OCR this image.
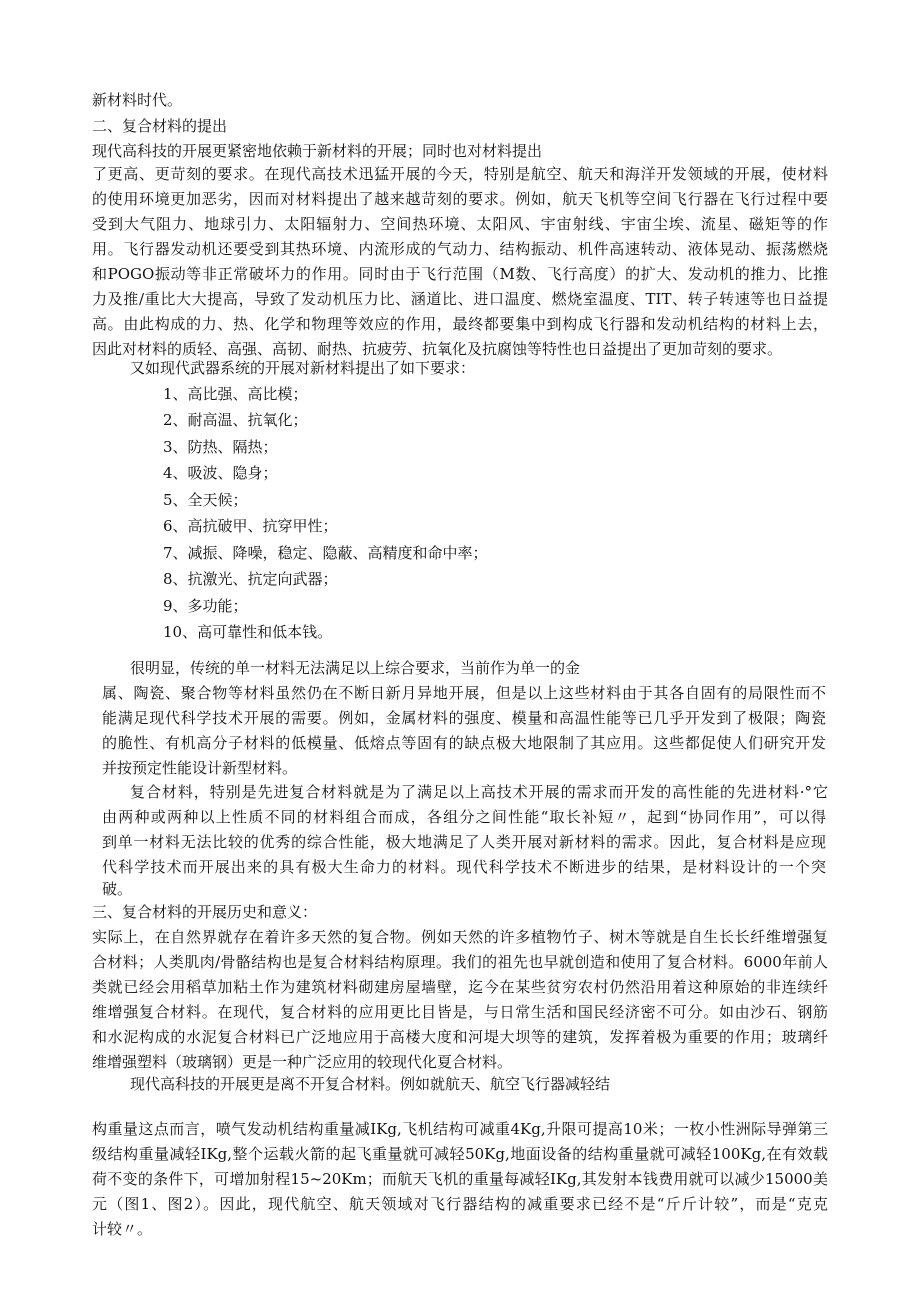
新材料时代。

二、复合材料的提出

现代高科技的开展更紧密地依赖于新材料的开展；同时也对材料提出

了更高、更苛刻的要求。在现代高技术迅猛开展的今天，特别是航空、航天和海洋开发领域的开展，使材料

的使用环境更加恶劣，因而对材料提出了越来越苛刻的要求。例如，航天飞机等空间飞行器在飞行过程中要

受到大气阻力、地球引力、太阳辐射力、空间热环境、太阳风、宇宙射线、宇宙尘埃、流星、磁矩等的作

用。飞行器发动机还要受到其热环境、内流形成的气动力、结构振动、机件高速转动、液体晃动、振荡燃烧

和POGO振动等非正常破坏力的作用。同时由于飞行范围（M数、飞行高度）的扩大、发动机的推力、比推

力及推/重比大大提高，导致了发动机压力比、涵道比、进口温度、燃烧室温度、TIT、转子转速等也日益提

高。由此构成的力、热、化学和物理等效应的作用，最终都要集中到构成飞行器和发动机结构的材料上去，

因此对材料的质轻、高强、高韧、耐热、抗疲劳、抗氧化及抗腐蚀等特性也日益提出了更加苛刻的要求。

又如现代武器系统的开展对新材料提出了如下要求：

1、高比强、高比模；

2、耐高温、抗氧化；

3、防热、隔热；

4、吸波、隐身；

5、全天候；

6、高抗破甲、抗穿甲性；

7、减振、降噪，稳定、隐蔽、高精度和命中率；

8、抗激光、抗定向武器；

9、多功能；

10、高可靠性和低本钱。

很明显，传统的单一材料无法满足以上综合要求，当前作为单一的金

属、陶瓷、聚合物等材料虽然仍在不断日新月异地开展，但是以上这些材料由于其各自固有的局限性而不

能满足现代科学技术开展的需要。例如，金属材料的强度、模量和高温性能等已几乎开发到了极限；陶瓷

的脆性、有机高分子材料的低模量、低熔点等固有的缺点极大地限制了其应用。这些都促使人们研究开发

并按预定性能设计新型材料。

复合材料，特别是先进复合材料就是为了满足以上高技术开展的需求而开发的高性能的先进材料·°它

由两种或两种以上性质不同的材料组合而成，各组分之间性能“取长补短〃，起到“协同作用”，可以得

到单一材料无法比较的优秀的综合性能，极大地满足了人类开展对新材料的需求。因此，复合材料是应现

代科学技术而开展出来的具有极大生命力的材料。现代科学技术不断进步的结果，是材料设计的一个突

破。

三、复合材料的开展历史和意义：

实际上，在自然界就存在着许多天然的复合物。例如天然的许多植物竹子、树木等就是自生长长纤维增强复

合材料；人类肌肉/骨骼结构也是复合材料结构原理。我们的祖先也早就创造和使用了复合材料。6000年前人

类就已经会用稻草加粘土作为建筑材料砌建房屋墙壁，迄今在某些贫穷农村仍然沿用着这种原始的非连续纤

维增强复合材料。在现代，复合材料的应用更比目皆是，与日常生活和国民经济密不可分。如由沙石、钢筋

和水泥构成的水泥复合材料已广泛地应用于高楼大度和河堤大坝等的建筑，发挥着极为重要的作用；玻璃纤

维增强塑料（玻璃钢）更是一种广泛应用的较现代化夏合材料。

现代高科技的开展更是离不开复合材料。例如就航天、航空飞行器减轻结

构重量这点而言，喷气发动机结构重量减IKg,飞机结构可减重4Kg,升限可提高10米；一枚小性洲际导弹第三

级结构重量减轻IKg,整个运载火箭的起飞重量就可减轻50Kg,地面设备的结构重量就可减轻100Kg,在有效载

荷不变的条件下，可增加射程15~20Km；而航天飞机的重量每减轻IKg,其发射本钱费用就可以减少15000美

元（图1、图2）。因此，现代航空、航天领域对飞行器结构的减重要求已经不是“斤斤计较”，而是“克克

计较〃。
